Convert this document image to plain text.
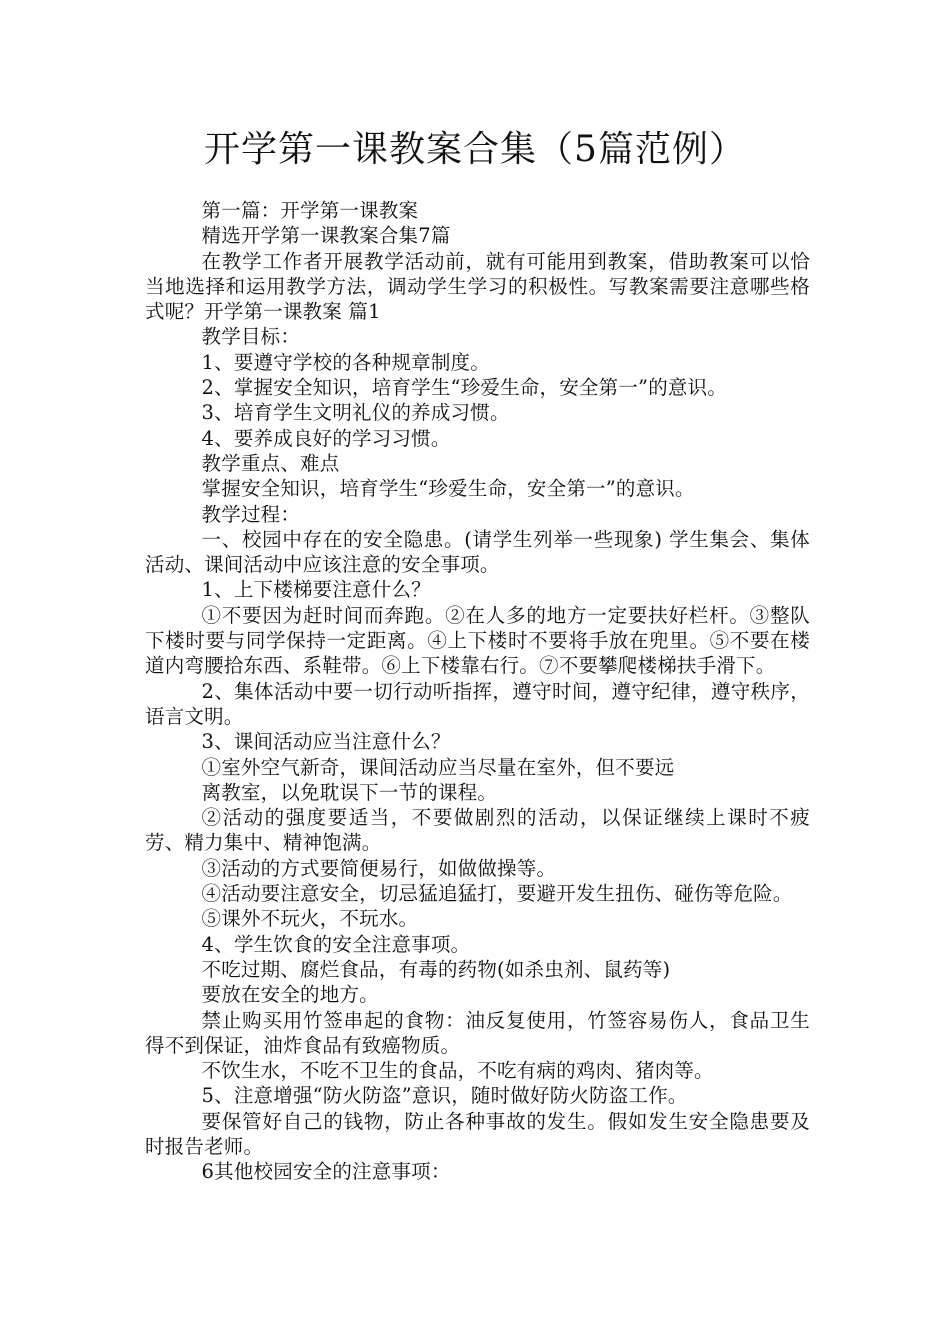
开学第一课教案合集（5篇范例）

第一篇：开学第一课教案

精选开学第一课教案合集7篇

在教学工作者开展教学活动前，就有可能用到教案，借助教案可以恰当地选择和运用教学方法，调动学生学习的积极性。写教案需要注意哪些格式呢？开学第一课教案 篇1

教学目标：

1、要遵守学校的各种规章制度。

2、掌握安全知识，培育学生“珍爱生命，安全第一”的意识。

3、培育学生文明礼仪的养成习惯。

4、要养成良好的学习习惯。

教学重点、难点

掌握安全知识，培育学生“珍爱生命，安全第一”的意识。

教学过程：

一、校园中存在的安全隐患。(请学生列举一些现象) 学生集会、集体活动、课间活动中应该注意的安全事项。

1、上下楼梯要注意什么？

①不要因为赶时间而奔跑。②在人多的地方一定要扶好栏杆。③整队下楼时要与同学保持一定距离。④上下楼时不要将手放在兜里。⑤不要在楼道内弯腰拾东西、系鞋带。⑥上下楼靠右行。⑦不要攀爬楼梯扶手滑下。

2、集体活动中要一切行动听指挥，遵守时间，遵守纪律，遵守秩序，语言文明。

3、课间活动应当注意什么？

①室外空气新奇，课间活动应当尽量在室外，但不要远

离教室，以免耽误下一节的课程。

②活动的强度要适当，不要做剧烈的活动，以保证继续上课时不疲劳、精力集中、精神饱满。

③活动的方式要简便易行，如做做操等。

④活动要注意安全，切忌猛追猛打，要避开发生扭伤、碰伤等危险。

⑤课外不玩火，不玩水。

4、学生饮食的安全注意事项。

不吃过期、腐烂食品，有毒的药物(如杀虫剂、鼠药等)

要放在安全的地方。

禁止购买用竹签串起的食物：油反复使用，竹签容易伤人，食品卫生得不到保证，油炸食品有致癌物质。

不饮生水，不吃不卫生的食品，不吃有病的鸡肉、猪肉等。

5、注意增强“防火防盗”意识，随时做好防火防盗工作。

要保管好自己的钱物，防止各种事故的发生。假如发生安全隐患要及时报告老师。

6其他校园安全的注意事项：
